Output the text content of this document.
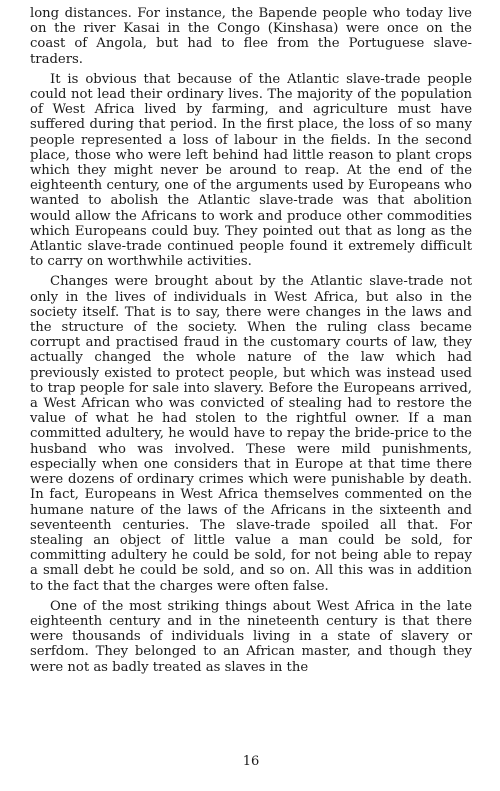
long distances. For instance, the Bapende people who today live on the river Kasai in the Congo (Kinshasa) were once on the coast of Angola, but had to flee from the Portuguese slave-traders.

It is obvious that because of the Atlantic slave-trade people could not lead their ordinary lives. The majority of the population of West Africa lived by farming, and agriculture must have suffered during that period. In the first place, the loss of so many people represented a loss of labour in the fields. In the second place, those who were left behind had little reason to plant crops which they might never be around to reap. At the end of the eighteenth century, one of the arguments used by Europeans who wanted to abolish the Atlantic slave-trade was that abolition would allow the Africans to work and produce other commodities which Europeans could buy. They pointed out that as long as the Atlantic slave-trade continued people found it extremely difficult to carry on worthwhile activities.

Changes were brought about by the Atlantic slave-trade not only in the lives of individuals in West Africa, but also in the society itself. That is to say, there were changes in the laws and the structure of the society. When the ruling class became corrupt and practised fraud in the customary courts of law, they actually changed the whole nature of the law which had previously existed to protect people, but which was instead used to trap people for sale into slavery. Before the Europeans arrived, a West African who was convicted of stealing had to restore the value of what he had stolen to the rightful owner. If a man committed adultery, he would have to repay the bride-price to the husband who was involved. These were mild punishments, especially when one considers that in Europe at that time there were dozens of ordinary crimes which were punishable by death. In fact, Europeans in West Africa themselves commented on the humane nature of the laws of the Africans in the sixteenth and seventeenth centuries. The slave-trade spoiled all that. For stealing an object of little value a man could be sold, for committing adultery he could be sold, for not being able to repay a small debt he could be sold, and so on. All this was in addition to the fact that the charges were often false.

One of the most striking things about West Africa in the late eighteenth century and in the nineteenth century is that there were thousands of individuals living in a state of slavery or serfdom. They belonged to an African master, and though they were not as badly treated as slaves in the

16
